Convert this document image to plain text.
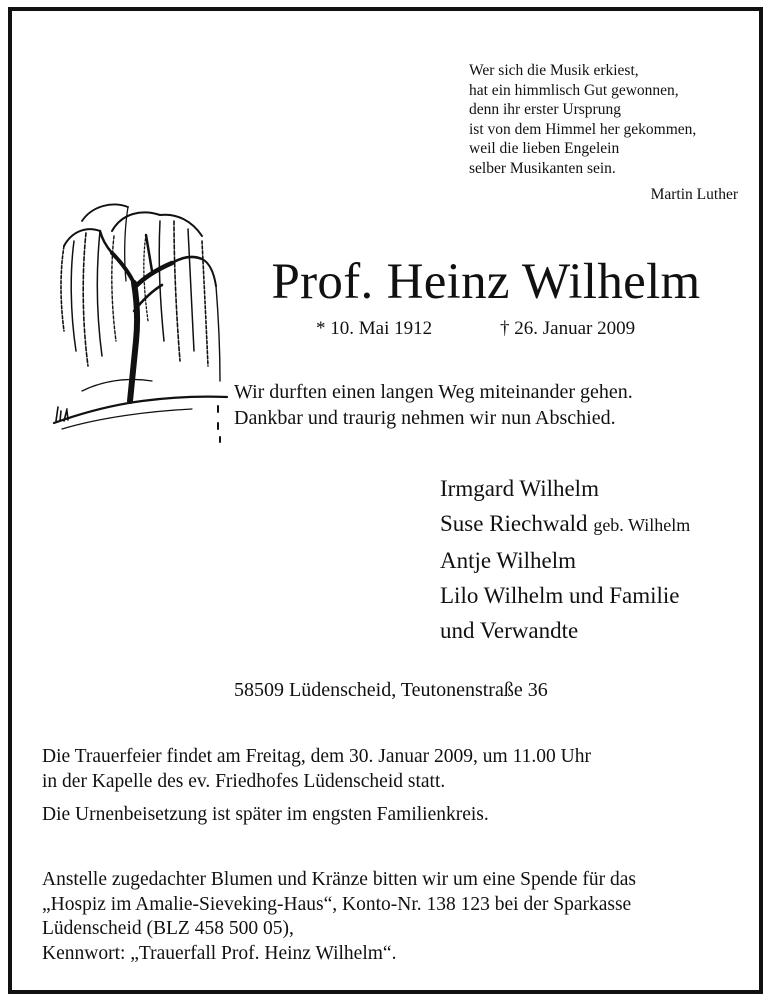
Wer sich die Musik erkiest,
hat ein himmlisch Gut gewonnen,
denn ihr erster Ursprung
ist von dem Himmel her gekommen,
weil die lieben Engelein
selber Musikanten sein.
Martin Luther
Prof. Heinz Wilhelm
* 10. Mai 1912	† 26. Januar 2009
Wir durften einen langen Weg miteinander gehen.
Dankbar und traurig nehmen wir nun Abschied.
Irmgard Wilhelm
Suse Riechwald geb. Wilhelm
Antje Wilhelm
Lilo Wilhelm und Familie
und Verwandte
58509 Lüdenscheid, Teutonenstraße 36
Die Trauerfeier findet am Freitag, dem 30. Januar 2009, um 11.00 Uhr
in der Kapelle des ev. Friedhofes Lüdenscheid statt.
Die Urnenbeisetzung ist später im engsten Familienkreis.
Anstelle zugedachter Blumen und Kränze bitten wir um eine Spende für das
„Hospiz im Amalie-Sieveking-Haus“, Konto-Nr. 138 123 bei der Sparkasse
Lüdenscheid (BLZ 458 500 05),
Kennwort: „Trauerfall Prof. Heinz Wilhelm“.
